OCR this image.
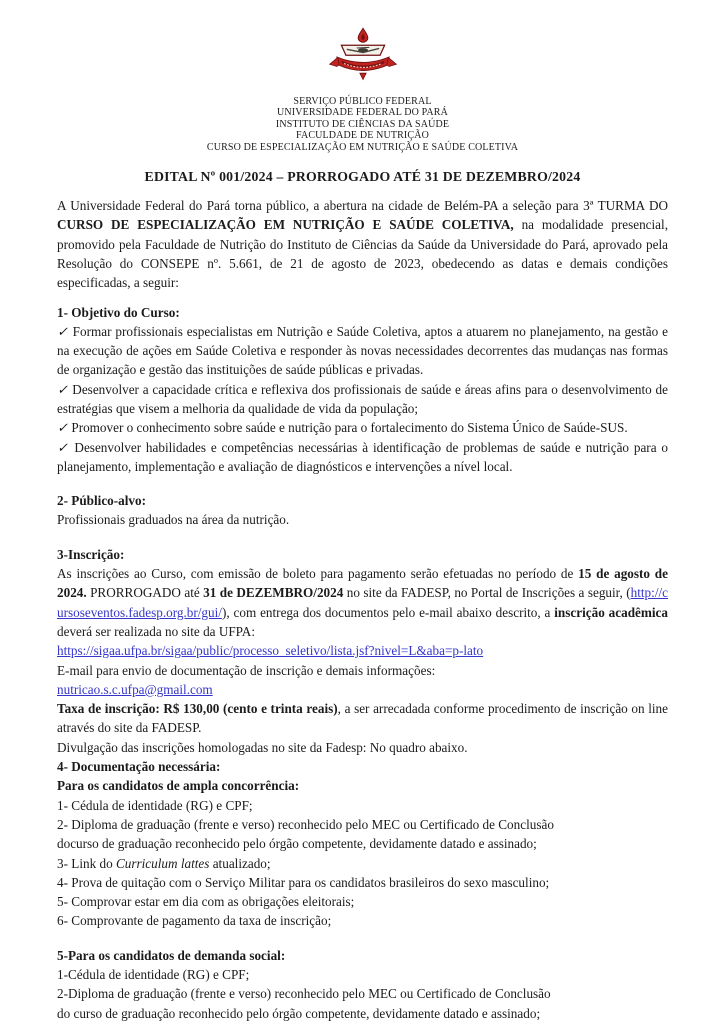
SERVIÇO PÚBLICO FEDERAL
UNIVERSIDADE FEDERAL DO PARÁ
INSTITUTO DE CIÊNCIAS DA SAÚDE
FACULDADE DE NUTRIÇÃO
CURSO DE ESPECIALIZAÇÃO EM NUTRIÇÃO E SAÚDE COLETIVA
EDITAL Nº 001/2024 – PRORROGADO ATÉ 31 DE DEZEMBRO/2024

A Universidade Federal do Pará torna público, a abertura na cidade de Belém-PA a seleção para 3ª TURMA DO CURSO DE ESPECIALIZAÇÃO EM NUTRIÇÃO E SAÚDE COLETIVA, na modalidade presencial, promovido pela Faculdade de Nutrição do Instituto de Ciências da Saúde da Universidade do Pará, aprovado pela Resolução do CONSEPE nº. 5.661, de 21 de agosto de 2023, obedecendo as datas e demais condições especificadas, a seguir:

1- Objetivo do Curso:

✓ Formar profissionais especialistas em Nutrição e Saúde Coletiva, aptos a atuarem no planejamento, na gestão e na execução de ações em Saúde Coletiva e responder às novas necessidades decorrentes das mudanças nas formas de organização e gestão das instituições de saúde públicas e privadas.

✓ Desenvolver a capacidade crítica e reflexiva dos profissionais de saúde e áreas afins para o desenvolvimento de estratégias que visem a melhoria da qualidade de vida da população;

✓ Promover o conhecimento sobre saúde e nutrição para o fortalecimento do Sistema Único de Saúde-SUS.

✓ Desenvolver habilidades e competências necessárias à identificação de problemas de saúde e nutrição para o planejamento, implementação e avaliação de diagnósticos e intervenções a nível local.

2- Público-alvo:

Profissionais graduados na área da nutrição.

3-Inscrição:

As inscrições ao Curso, com emissão de boleto para pagamento serão efetuadas no período de 15 de agosto de 2024. PRORROGADO até 31 de DEZEMBRO/2024 no site da FADESP, no Portal de Inscrições a seguir, (http://cursoseventos.fadesp.org.br/gui/), com entrega dos documentos pelo e-mail abaixo descrito, a inscrição acadêmica deverá ser realizada no site da UFPA:

https://sigaa.ufpa.br/sigaa/public/processo_seletivo/lista.jsf?nivel=L&aba=p-lato

E-mail para envio de documentação de inscrição e demais informações:

nutricao.s.c.ufpa@gmail.com

Taxa de inscrição: R$ 130,00 (cento e trinta reais), a ser arrecadada conforme procedimento de inscrição on line através do site da FADESP.

Divulgação das inscrições homologadas no site da Fadesp: No quadro abaixo.

4- Documentação necessária:

Para os candidatos de ampla concorrência:

1- Cédula de identidade (RG) e CPF;

2- Diploma de graduação (frente e verso) reconhecido pelo MEC ou Certificado de Conclusão
docurso de graduação reconhecido pelo órgão competente, devidamente datado e assinado;

3- Link do Curriculum lattes atualizado;

4- Prova de quitação com o Serviço Militar para os candidatos brasileiros do sexo masculino;

5- Comprovar estar em dia com as obrigações eleitorais;

6- Comprovante de pagamento da taxa de inscrição;

5-Para os candidatos de demanda social:

1-Cédula de identidade (RG) e CPF;

2-Diploma de graduação (frente e verso) reconhecido pelo MEC ou Certificado de Conclusão
do curso de graduação reconhecido pelo órgão competente, devidamente datado e assinado;
